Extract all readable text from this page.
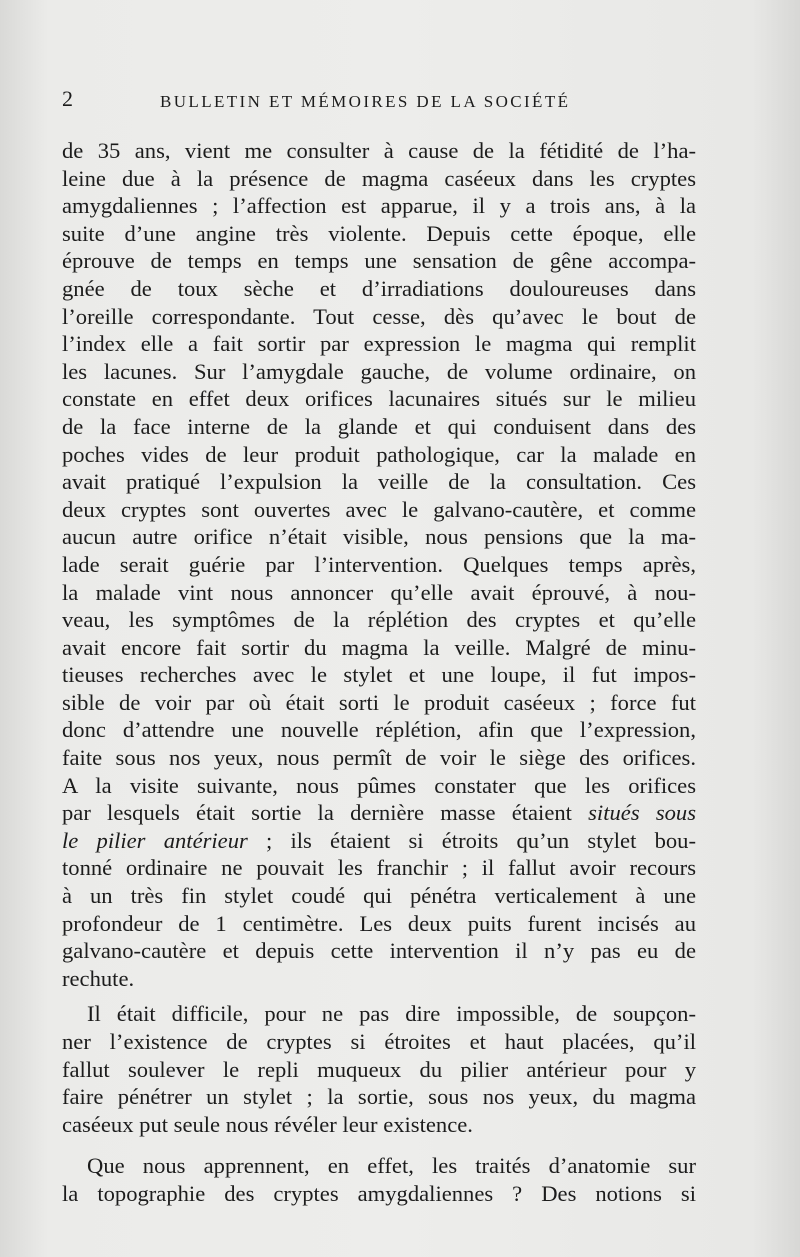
2	BULLETIN ET MÉMOIRES DE LA SOCIÉTÉ
de 35 ans, vient me consulter à cause de la fétidité de l’ha-
leine due à la présence de magma caséeux dans les cryptes
amygdaliennes ; l’affection est apparue, il y a trois ans, à la
suite d’une angine très violente. Depuis cette époque, elle
éprouve de temps en temps une sensation de gêne accompa-
gnée de toux sèche et d’irradiations douloureuses dans
l’oreille correspondante. Tout cesse, dès qu’avec le bout de
l’index elle a fait sortir par expression le magma qui remplit
les lacunes. Sur l’amygdale gauche, de volume ordinaire, on
constate en effet deux orifices lacunaires situés sur le milieu
de la face interne de la glande et qui conduisent dans des
poches vides de leur produit pathologique, car la malade en
avait pratiqué l’expulsion la veille de la consultation. Ces
deux cryptes sont ouvertes avec le galvano-cautère, et comme
aucun autre orifice n’était visible, nous pensions que la ma-
lade serait guérie par l’intervention. Quelques temps après,
la malade vint nous annoncer qu’elle avait éprouvé, à nou-
veau, les symptômes de la réplétion des cryptes et qu’elle
avait encore fait sortir du magma la veille. Malgré de minu-
tieuses recherches avec le stylet et une loupe, il fut impos-
sible de voir par où était sorti le produit caséeux ; force fut
donc d’attendre une nouvelle réplétion, afin que l’expression,
faite sous nos yeux, nous permît de voir le siège des orifices.
A la visite suivante, nous pûmes constater que les orifices
par lesquels était sortie la dernière masse étaient situés sous
le pilier antérieur ; ils étaient si étroits qu’un stylet bou-
tonné ordinaire ne pouvait les franchir ; il fallut avoir recours
à un très fin stylet coudé qui pénétra verticalement à une
profondeur de 1 centimètre. Les deux puits furent incisés au
galvano-cautère et depuis cette intervention il n’y pas eu de
rechute.
Il était difficile, pour ne pas dire impossible, de soupçon-
ner l’existence de cryptes si étroites et haut placées, qu’il
fallut soulever le repli muqueux du pilier antérieur pour y
faire pénétrer un stylet ; la sortie, sous nos yeux, du magma
caséeux put seule nous révéler leur existence.
Que nous apprennent, en effet, les traités d’anatomie sur
la topographie des cryptes amygdaliennes ? Des notions si
